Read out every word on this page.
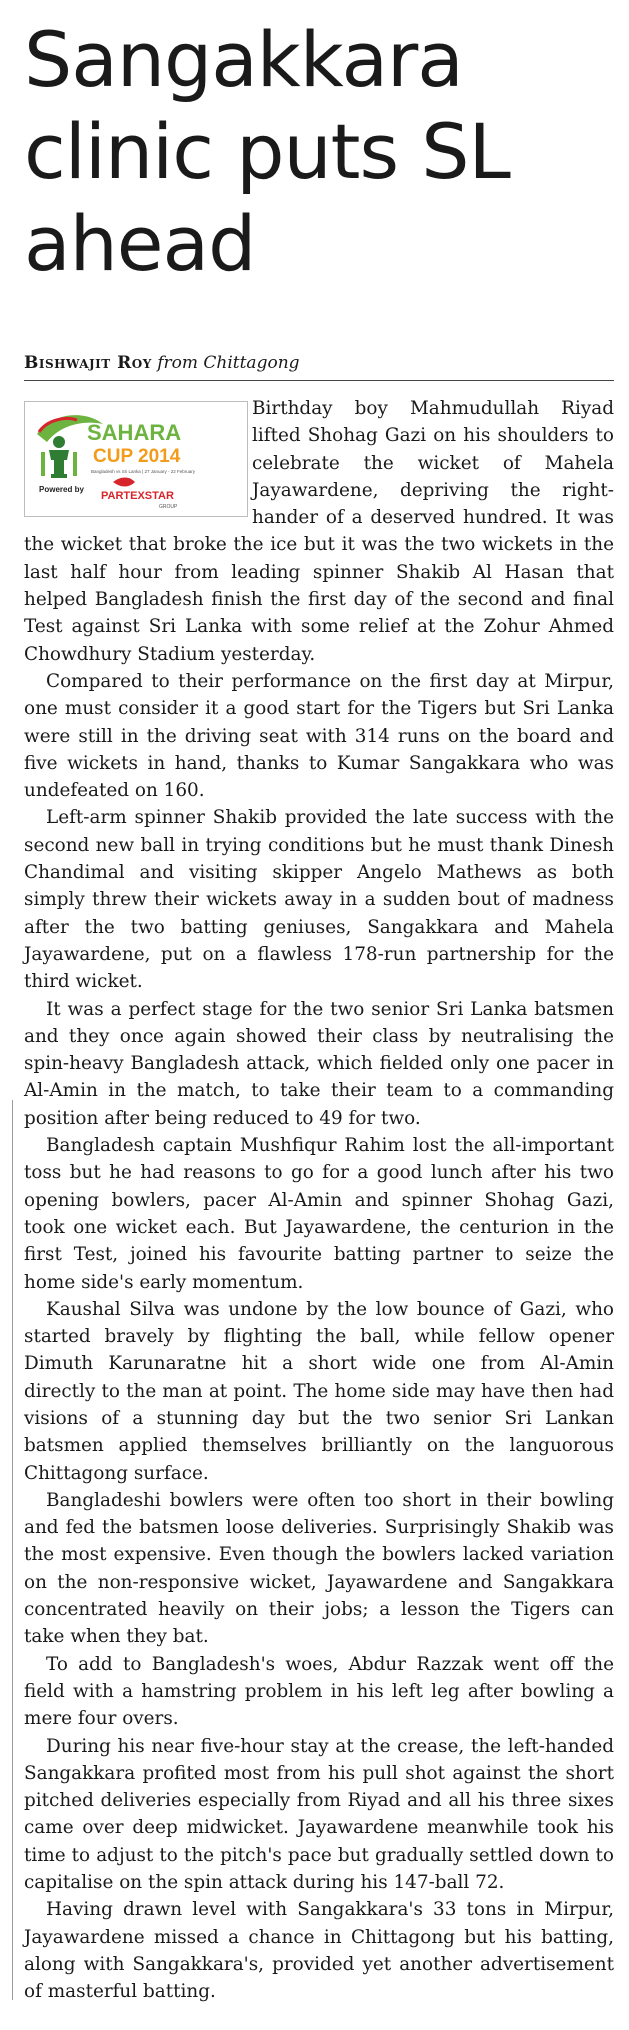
Sangakkara clinic puts SL ahead
Bishwajit Roy from Chittagong
SAHARA
CUP 2014
Bangladesh vs Sri Lanka | 27 January - 22 February
Powered by
PARTEXSTAR
GROUP

Birthday boy Mahmudullah Riyad lifted Shohag Gazi on his shoulders to celebrate the wicket of Mahela Jayawardene, depriving the right-hander of a deserved hundred. It was the wicket that broke the ice but it was the two wickets in the last half hour from leading spinner Shakib Al Hasan that helped Bangladesh finish the first day of the second and final Test against Sri Lanka with some relief at the Zohur Ahmed Chowdhury Stadium yesterday.

Compared to their performance on the first day at Mirpur, one must consider it a good start for the Tigers but Sri Lanka were still in the driving seat with 314 runs on the board and five wickets in hand, thanks to Kumar Sangakkara who was undefeated on 160.

Left-arm spinner Shakib provided the late success with the second new ball in trying conditions but he must thank Dinesh Chandimal and visiting skipper Angelo Mathews as both simply threw their wickets away in a sudden bout of madness after the two batting geniuses, Sangakkara and Mahela Jayawardene, put on a flawless 178-run partnership for the third wicket.

It was a perfect stage for the two senior Sri Lanka batsmen and they once again showed their class by neutralising the spin-heavy Bangladesh attack, which fielded only one pacer in Al-Amin in the match, to take their team to a commanding position after being reduced to 49 for two.

Bangladesh captain Mushfiqur Rahim lost the all-important toss but he had reasons to go for a good lunch after his two opening bowlers, pacer Al-Amin and spinner Shohag Gazi, took one wicket each. But Jayawardene, the centurion in the first Test, joined his favourite batting partner to seize the home side's early momentum.

Kaushal Silva was undone by the low bounce of Gazi, who started bravely by flighting the ball, while fellow opener Dimuth Karunaratne hit a short wide one from Al-Amin directly to the man at point. The home side may have then had visions of a stunning day but the two senior Sri Lankan batsmen applied themselves brilliantly on the languorous Chittagong surface.

Bangladeshi bowlers were often too short in their bowling and fed the batsmen loose deliveries. Surprisingly Shakib was the most expensive. Even though the bowlers lacked variation on the non-responsive wicket, Jayawardene and Sangakkara concentrated heavily on their jobs; a lesson the Tigers can take when they bat.

To add to Bangladesh's woes, Abdur Razzak went off the field with a hamstring problem in his left leg after bowling a mere four overs.

During his near five-hour stay at the crease, the left-handed Sangakkara profited most from his pull shot against the short pitched deliveries especially from Riyad and all his three sixes came over deep midwicket. Jayawardene meanwhile took his time to adjust to the pitch's pace but gradually settled down to capitalise on the spin attack during his 147-ball 72.

Having drawn level with Sangakkara's 33 tons in Mirpur, Jayawardene missed a chance in Chittagong but his batting, along with Sangakkara's, provided yet another advertisement of masterful batting.
